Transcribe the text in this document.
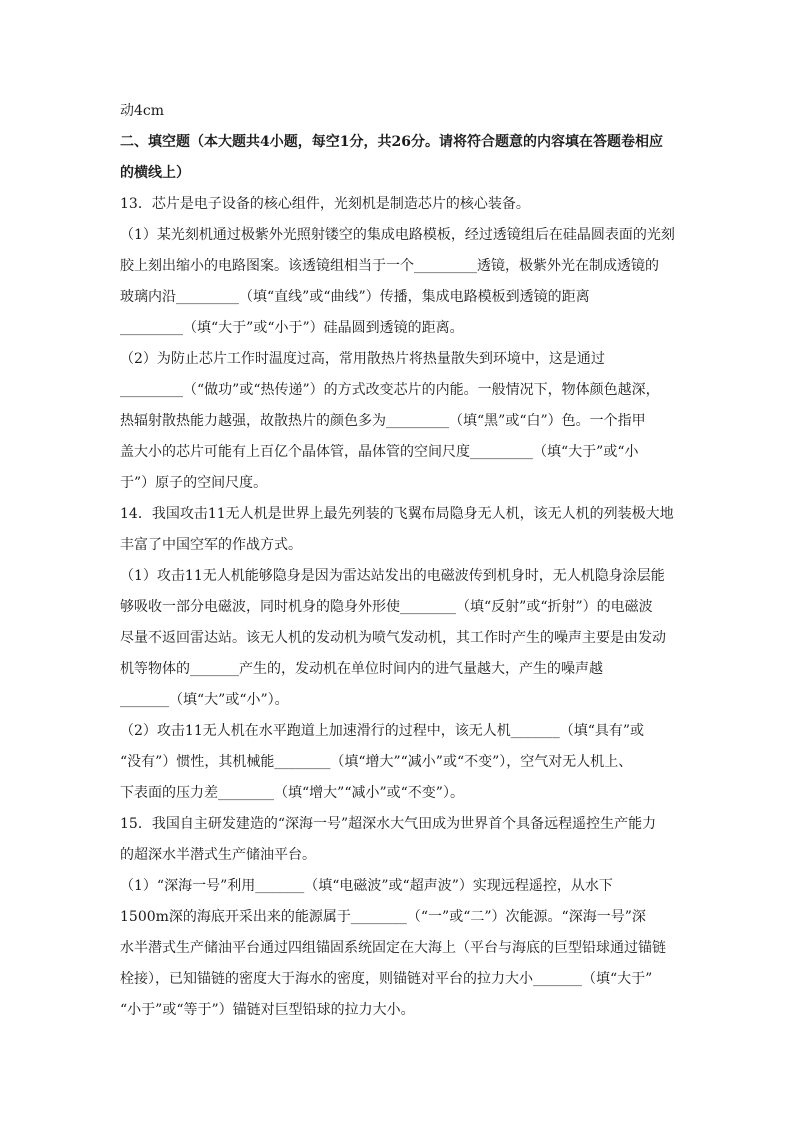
动4cm
二、填空题（本大题共4小题，每空1分，共26分。请将符合题意的内容填在答题卷相应
的横线上）
13．芯片是电子设备的核心组件，光刻机是制造芯片的核心装备。
（1）某光刻机通过极紫外光照射镂空的集成电路模板，经过透镜组后在硅晶圆表面的光刻
胶上刻出缩小的电路图案。该透镜组相当于一个_________透镜，极紫外光在制成透镜的
玻璃内沿_________（填“直线”或“曲线”）传播，集成电路模板到透镜的距离
_________（填“大于”或“小于”）硅晶圆到透镜的距离。
（2）为防止芯片工作时温度过高，常用散热片将热量散失到环境中，这是通过
_________（“做功”或“热传递”）的方式改变芯片的内能。一般情况下，物体颜色越深，
热辐射散热能力越强，故散热片的颜色多为_________（填“黑”或“白”）色。一个指甲
盖大小的芯片可能有上百亿个晶体管，晶体管的空间尺度_________（填“大于”或“小
于”）原子的空间尺度。
14．我国攻击11无人机是世界上最先列装的飞翼布局隐身无人机，该无人机的列装极大地
丰富了中国空军的作战方式。
（1）攻击11无人机能够隐身是因为雷达站发出的电磁波传到机身时，无人机隐身涂层能
够吸收一部分电磁波，同时机身的隐身外形使________（填“反射”或“折射”）的电磁波
尽量不返回雷达站。该无人机的发动机为喷气发动机，其工作时产生的噪声主要是由发动
机等物体的_______产生的，发动机在单位时间内的进气量越大，产生的噪声越
_______（填“大”或“小”）。
（2）攻击11无人机在水平跑道上加速滑行的过程中，该无人机_______（填“具有”或
“没有”）惯性，其机械能________（填“增大”“减小”或“不变”），空气对无人机上、
下表面的压力差________（填“增大”“减小”或“不变”）。
15．我国自主研发建造的“深海一号”超深水大气田成为世界首个具备远程遥控生产能力
的超深水半潜式生产储油平台。
（1）“深海一号”利用_______（填“电磁波”或“超声波”）实现远程遥控，从水下
1500m深的海底开采出来的能源属于________（“一”或“二”）次能源。“深海一号”深
水半潜式生产储油平台通过四组锚固系统固定在大海上（平台与海底的巨型铅球通过锚链
栓接），已知锚链的密度大于海水的密度，则锚链对平台的拉力大小_______（填“大于”
“小于”或“等于”）锚链对巨型铅球的拉力大小。
